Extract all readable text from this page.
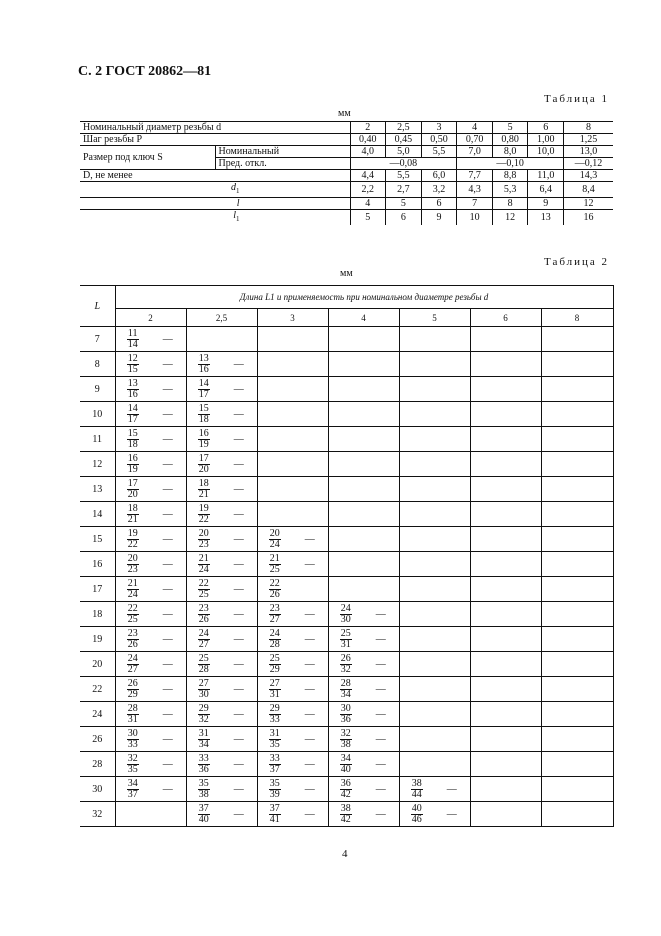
С. 2 ГОСТ 20862—81
Таблица 1
мм
Номинальный диаметр резьбы d		2	2,5	3	4	5	6	8
Шаг резьбы P		0,40	0,45	0,50	0,70	0,80	1,00	1,25
Размер под ключ S	Номинальный	4,0	5,0	5,5	7,0	8,0	10,0	13,0
	Пред. откл.	—0,08			—0,10			—0,12
D, не менее		4,4	5,5	6,0	7,7	8,8	11,0	14,3
$d_1$		2,2	2,7	3,2	4,3	5,3	6,4	8,4
l		4	5	6	7	8	9	12
$l_1$		5	6	9	10	12	13	16
Таблица 2
мм
L	Длина L1 и применяемость при номинальном диаметре резьбы d													
	2		2,5		3		4		5		6		8	
7	$\frac{11}{14}$	—												
8	$\frac{12}{15}$	—	$\frac{13}{16}$	—										
9	$\frac{13}{16}$	—	$\frac{14}{17}$	—										
10	$\frac{14}{17}$	—	$\frac{15}{18}$	—										
11	$\frac{15}{18}$	—	$\frac{16}{19}$	—										
12	$\frac{16}{19}$	—	$\frac{17}{20}$	—										
13	$\frac{17}{20}$	—	$\frac{18}{21}$	—										
14	$\frac{18}{21}$	—	$\frac{19}{22}$	—										
15	$\frac{19}{22}$	—	$\frac{20}{23}$	—	$\frac{20}{24}$	—								
16	$\frac{20}{23}$	—	$\frac{21}{24}$	—	$\frac{21}{25}$	—								
17	$\frac{21}{24}$	—	$\frac{22}{25}$	—	$\frac{22}{26}$

18	$\frac{22}{25}$	—	$\frac{23}{26}$	—	$\frac{23}{27}$	—	$\frac{24}{30}$	—						
19	$\frac{23}{26}$	—	$\frac{24}{27}$	—	$\frac{24}{28}$	—	$\frac{25}{31}$	—						
20	$\frac{24}{27}$	—	$\frac{25}{28}$	—	$\frac{25}{29}$	—	$\frac{26}{32}$	—						
22	$\frac{26}{29}$	—	$\frac{27}{30}$	—	$\frac{27}{31}$	—	$\frac{28}{34}$	—						
24	$\frac{28}{31}$	—	$\frac{29}{32}$	—	$\frac{29}{33}$	—	$\frac{30}{36}$	—						
26	$\frac{30}{33}$	—	$\frac{31}{34}$	—	$\frac{31}{35}$	—	$\frac{32}{38}$	—						
28	$\frac{32}{35}$	—	$\frac{33}{36}$	—	$\frac{33}{37}$	—	$\frac{34}{40}$	—						
30	$\frac{34}{37}$	—	$\frac{35}{38}$	—	$\frac{35}{39}$	—	$\frac{36}{42}$	—	$\frac{38}{44}$	—				
32			$\frac{37}{40}$	—	$\frac{37}{41}$	—	$\frac{38}{42}$	—	$\frac{40}{46}$	—				
4
